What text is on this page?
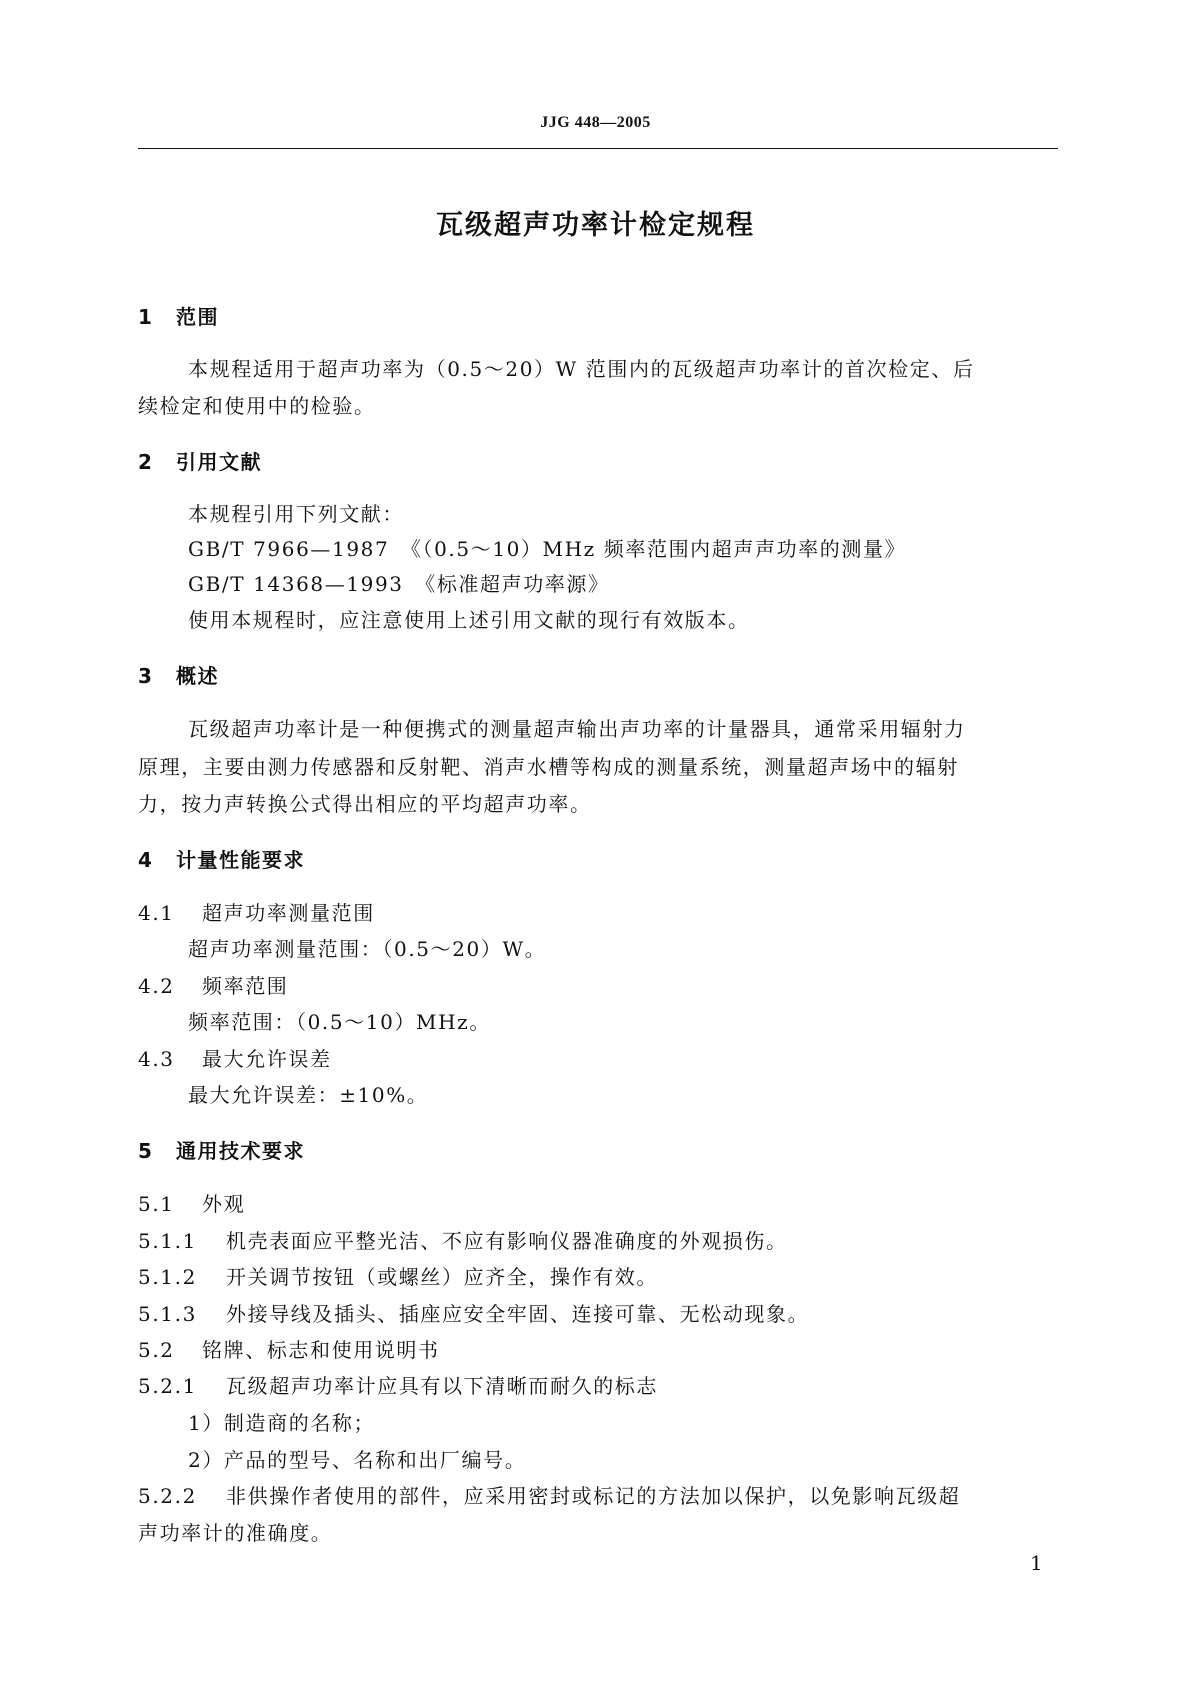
JJG 448—2005
瓦级超声功率计检定规程
1 范围
本规程适用于超声功率为（0.5～20）W 范围内的瓦级超声功率计的首次检定、后
续检定和使用中的检验。
2 引用文献
本规程引用下列文献：
GB/T 7966—1987　《（0.5～10）MHz 频率范围内超声声功率的测量》
GB/T 14368—1993　《标准超声功率源》
使用本规程时，应注意使用上述引用文献的现行有效版本。
3 概述
瓦级超声功率计是一种便携式的测量超声输出声功率的计量器具，通常采用辐射力
原理，主要由测力传感器和反射靶、消声水槽等构成的测量系统，测量超声场中的辐射
力，按力声转换公式得出相应的平均超声功率。
4 计量性能要求
4.1 超声功率测量范围
超声功率测量范围：（0.5～20）W。
4.2 频率范围
频率范围：（0.5～10）MHz。
4.3 最大允许误差
最大允许误差：±10%。
5 通用技术要求
5.1 外观
5.1.1 机壳表面应平整光洁、不应有影响仪器准确度的外观损伤。
5.1.2 开关调节按钮（或螺丝）应齐全，操作有效。
5.1.3 外接导线及插头、插座应安全牢固、连接可靠、无松动现象。
5.2 铭牌、标志和使用说明书
5.2.1 瓦级超声功率计应具有以下清晰而耐久的标志
1）制造商的名称；
2）产品的型号、名称和出厂编号。
5.2.2 非供操作者使用的部件，应采用密封或标记的方法加以保护，以免影响瓦级超
声功率计的准确度。
1
